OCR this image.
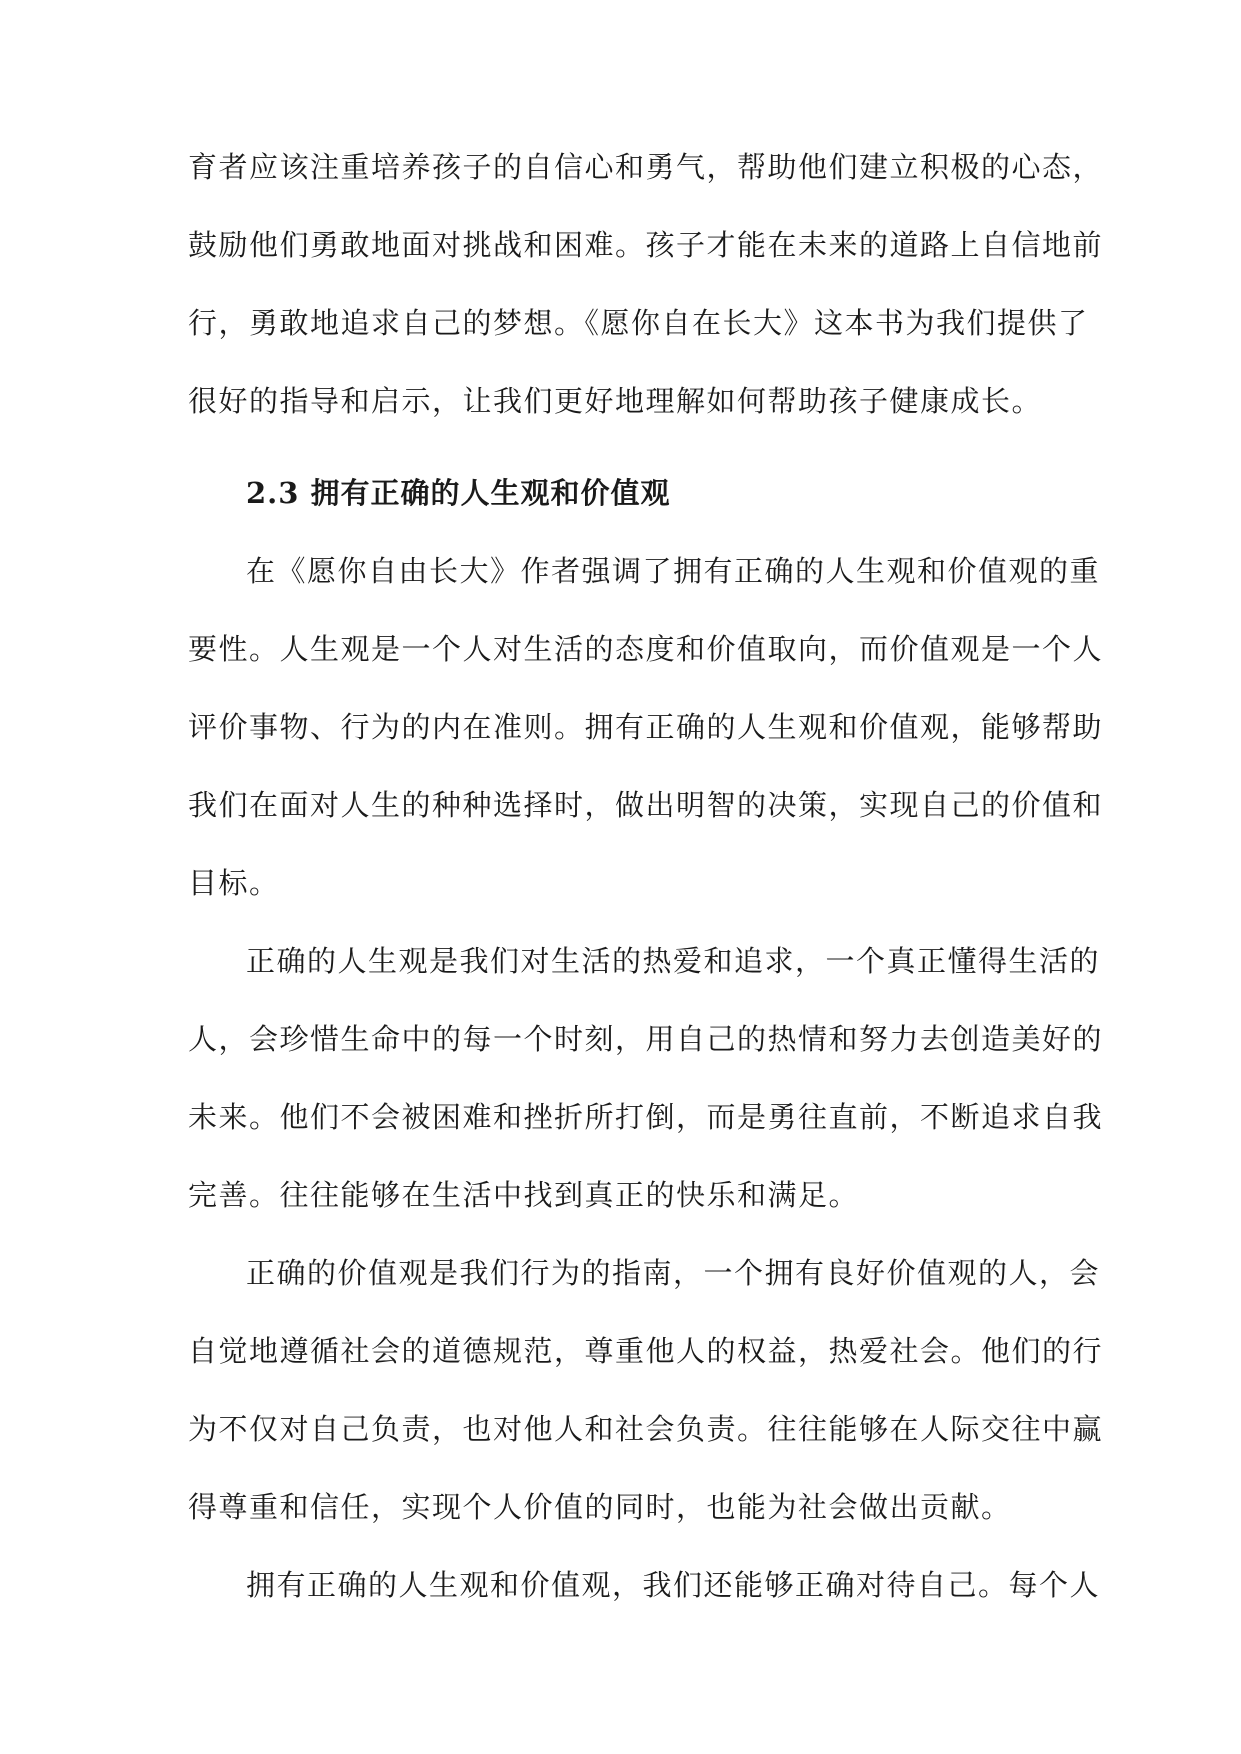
育者应该注重培养孩子的自信心和勇气，帮助他们建立积极的心态，
鼓励他们勇敢地面对挑战和困难。孩子才能在未来的道路上自信地前
行，勇敢地追求自己的梦想。《愿你自在长大》这本书为我们提供了
很好的指导和启示，让我们更好地理解如何帮助孩子健康成长。
2.3 拥有正确的人生观和价值观
在《愿你自由长大》作者强调了拥有正确的人生观和价值观的重
要性。人生观是一个人对生活的态度和价值取向，而价值观是一个人
评价事物、行为的内在准则。拥有正确的人生观和价值观，能够帮助
我们在面对人生的种种选择时，做出明智的决策，实现自己的价值和
目标。
正确的人生观是我们对生活的热爱和追求，一个真正懂得生活的
人，会珍惜生命中的每一个时刻，用自己的热情和努力去创造美好的
未来。他们不会被困难和挫折所打倒，而是勇往直前，不断追求自我
完善。往往能够在生活中找到真正的快乐和满足。
正确的价值观是我们行为的指南，一个拥有良好价值观的人，会
自觉地遵循社会的道德规范，尊重他人的权益，热爱社会。他们的行
为不仅对自己负责，也对他人和社会负责。往往能够在人际交往中赢
得尊重和信任，实现个人价值的同时，也能为社会做出贡献。
拥有正确的人生观和价值观，我们还能够正确对待自己。每个人
